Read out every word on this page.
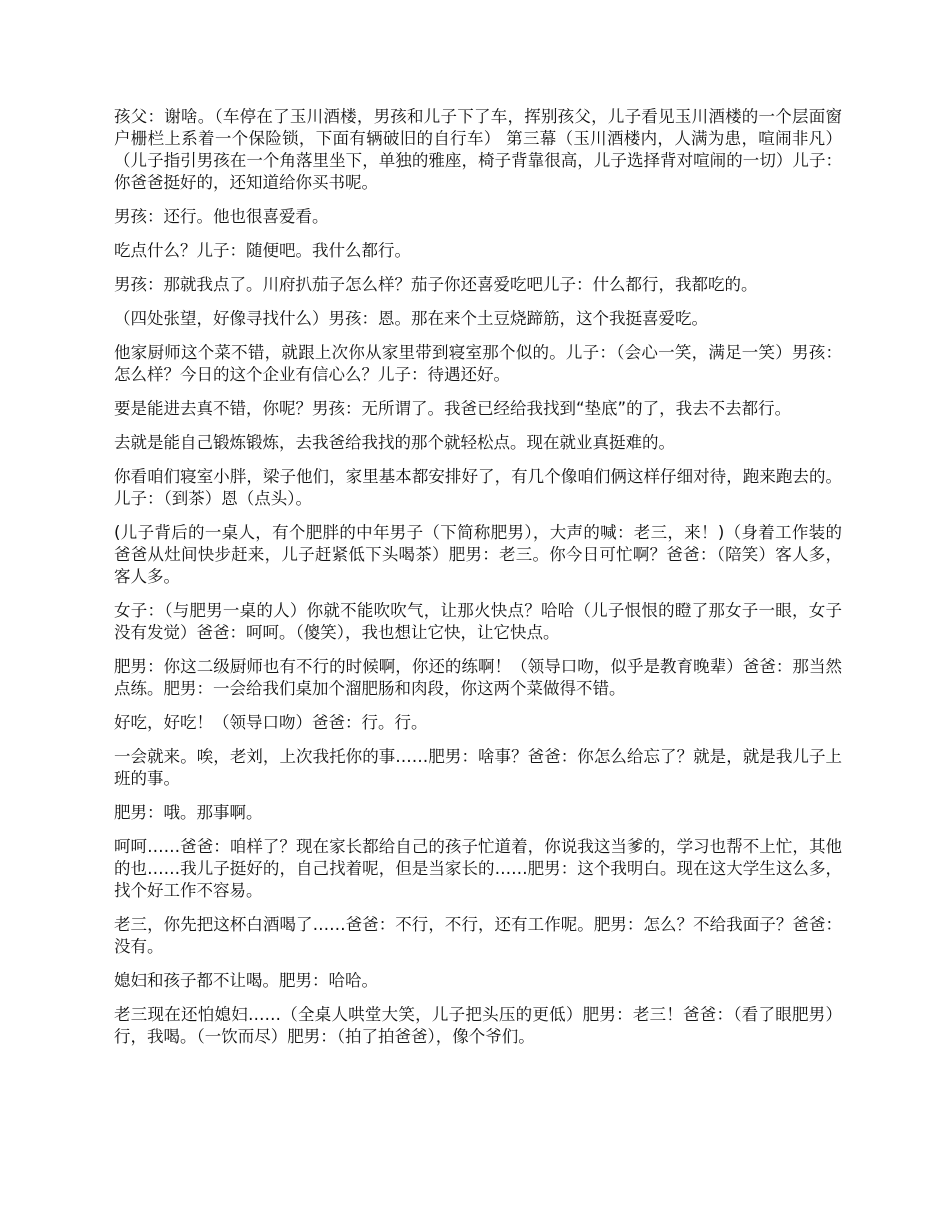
孩父：谢啥。（车停在了玉川酒楼，男孩和儿子下了车，挥别孩父，儿子看见玉川酒楼的一个层面窗户栅栏上系着一个保险锁，下面有辆破旧的自行车） 第三幕（玉川酒楼内，人满为患，喧闹非凡） （儿子指引男孩在一个角落里坐下，单独的雅座，椅子背靠很高，儿子选择背对喧闹的一切）儿子：你爸爸挺好的，还知道给你买书呢。

男孩：还行。他也很喜爱看。

吃点什么？儿子：随便吧。我什么都行。

男孩：那就我点了。川府扒茄子怎么样？茄子你还喜爱吃吧儿子：什么都行，我都吃的。

（四处张望，好像寻找什么）男孩：恩。那在来个土豆烧蹄筋，这个我挺喜爱吃。

他家厨师这个菜不错，就跟上次你从家里带到寝室那个似的。儿子：（会心一笑，满足一笑）男孩：怎么样？今日的这个企业有信心么？儿子：待遇还好。

要是能进去真不错，你呢？男孩：无所谓了。我爸已经给我找到“垫底”的了，我去不去都行。

去就是能自己锻炼锻炼，去我爸给我找的那个就轻松点。现在就业真挺难的。

你看咱们寝室小胖，梁子他们，家里基本都安排好了，有几个像咱们俩这样仔细对待，跑来跑去的。儿子：（到茶）恩（点头）。

(儿子背后的一桌人，有个肥胖的中年男子（下简称肥男），大声的喊：老三，来！)（身着工作装的爸爸从灶间快步赶来，儿子赶紧低下头喝茶）肥男：老三。你今日可忙啊？爸爸：（陪笑）客人多，客人多。

女子：（与肥男一桌的人）你就不能吹吹气，让那火快点？哈哈（儿子恨恨的瞪了那女子一眼，女子没有发觉）爸爸：呵呵。（傻笑），我也想让它快，让它快点。

肥男：你这二级厨师也有不行的时候啊，你还的练啊！（领导口吻，似乎是教育晚辈）爸爸：那当然点练。肥男：一会给我们桌加个溜肥肠和肉段，你这两个菜做得不错。

好吃，好吃！（领导口吻）爸爸：行。行。

一会就来。唉，老刘，上次我托你的事……肥男：啥事？爸爸：你怎么给忘了？就是，就是我儿子上班的事。

肥男：哦。那事啊。

呵呵……爸爸：咱样了？现在家长都给自己的孩子忙道着，你说我这当爹的，学习也帮不上忙，其他的也……我儿子挺好的，自己找着呢，但是当家长的……肥男：这个我明白。现在这大学生这么多，找个好工作不容易。

老三，你先把这杯白酒喝了……爸爸：不行，不行，还有工作呢。肥男：怎么？不给我面子？爸爸：没有。

媳妇和孩子都不让喝。肥男：哈哈。

老三现在还怕媳妇……（全桌人哄堂大笑，儿子把头压的更低）肥男：老三！爸爸：（看了眼肥男）行，我喝。（一饮而尽）肥男：（拍了拍爸爸），像个爷们。
